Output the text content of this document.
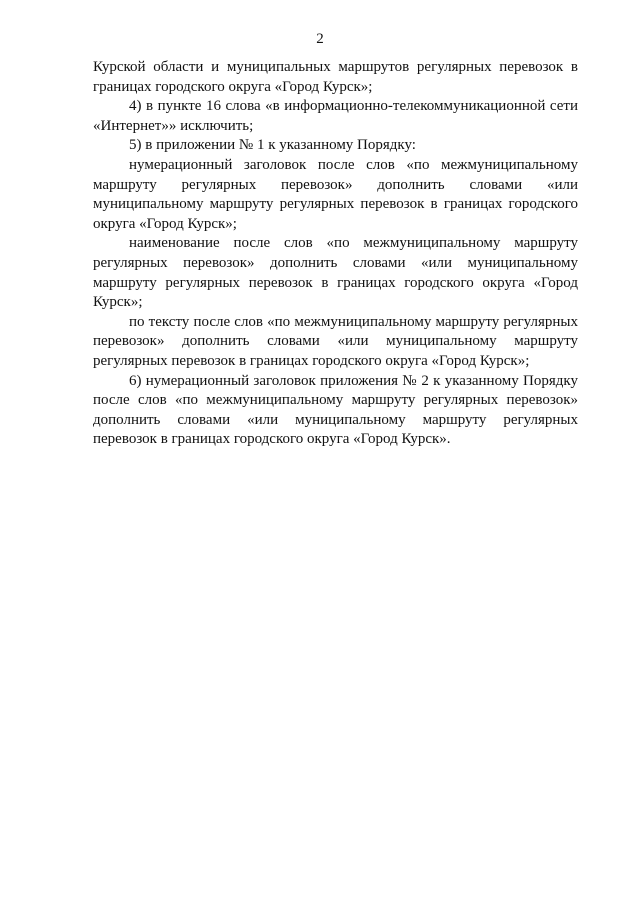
2

Курской области и муниципальных маршрутов регулярных перевозок в границах городского округа «Город Курск»;

4) в пункте 16 слова «в информационно-телекоммуникационной сети «Интернет»» исключить;

5) в приложении № 1 к указанному Порядку:

нумерационный заголовок после слов «по межмуниципальному маршруту регулярных перевозок» дополнить словами «или муниципальному маршруту регулярных перевозок в границах городского округа «Город Курск»;

наименование после слов «по межмуниципальному маршруту регулярных перевозок» дополнить словами «или муниципальному маршруту регулярных перевозок в границах городского округа «Город Курск»;

по тексту после слов «по межмуниципальному маршруту регулярных перевозок» дополнить словами «или муниципальному маршруту регулярных перевозок в границах городского округа «Город Курск»;

6) нумерационный заголовок приложения № 2 к указанному Порядку после слов «по межмуниципальному маршруту регулярных перевозок» дополнить словами «или муниципальному маршруту регулярных перевозок в границах городского округа «Город Курск».
